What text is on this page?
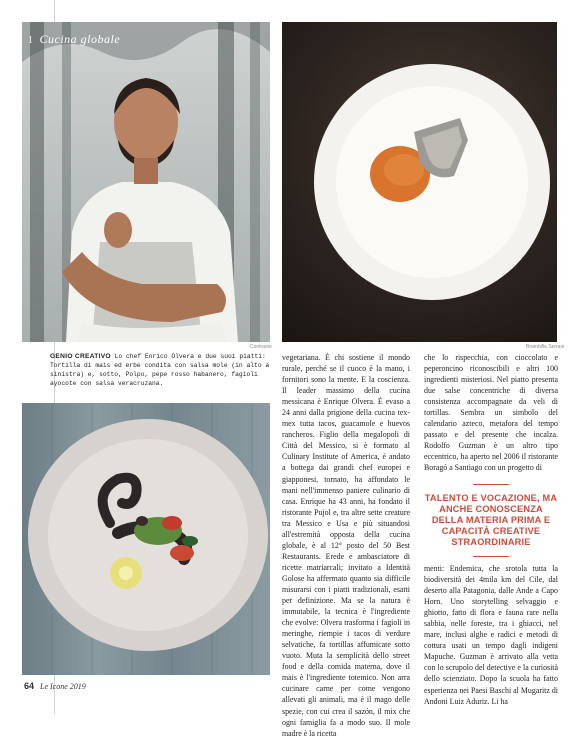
1 Cucina globale
Contrasto	Brambilla Serrani
GENIO CREATIVO Lo chef Enrico Olvera e due suoi piatti: Tortilla di mais ed erbe condita con salsa mole (in alto a sinistra) e, sotto, Polpo, pepe rosso habanero, fagioli ayocote con salsa veracruzana.
64 Le Icone 2019

vegetariana. È chi sostiene il mondo rurale, perché se il cuoco è la mano, i fornitori sono la mente. E la coscienza. Il leader massimo della cucina messicana è Enrique Olvera. È evaso a 24 anni dalla prigione della cucina tex-mex tutta tacos, guacamole e huevos rancheros. Figlio della megalopoli di Città del Messico, si è formato al Culinary Institute of America, è andato a bottega dai grandi chef europei e giapponesi, tornato, ha affondato le mani nell'immenso paniere culinario di casa. Enrique ha 43 anni, ha fondato il ristorante Pujol e, tra altre sette creature tra Messico e Usa e più situandosi all'estremità opposta della cucina globale, è al 12° posto del 50 Best Restaurants. Erede e ambasciatore di ricette matriarcali; invitato a Identità Golose ha affermato quanto sia difficile misurarsi con i piatti tradizionali, esatti per definizione. Ma se la natura è immutabile, la tecnica è l'ingrediente che evolve: Olvera trasforma i fagioli in meringhe, riempie i tacos di verdure selvatiche, fa tortillas affumicate sotto vuoto. Muta la semplicità dello street food e della comida materna, dove il mais è l'ingrediente totemico. Non arra cucinare carne per come vengono allevati gli animali, ma è il mago delle spezie, con cui crea il sazón, il mix che ogni famiglia fa a modo suo. Il mole madre è la ricetta

che lo rispecchia, con cioccolato e peperoncino riconoscibili e altri 100 ingredienti misteriosi. Nel piatto presenta due salse concentriche di diversa consistenza accompagnate da veli di tortillas. Sembra un simbolo del calendario azteco, metafora del tempo passato e del presente che incalza. Rodolfo Guzman è un altro tipo eccentrico, ha aperto nel 2006 il ristorante Boragó a Santiago con un progetto di

TALENTO E VOCAZIONE, MA ANCHE CONOSCENZA DELLA MATERIA PRIMA E CAPACITÀ CREATIVE STRAORDINARIE

menti: Endemica, che srotola tutta la biodiversità dei 4mila km del Cile, dal deserto alla Patagonia, dalle Ande a Capo Horn. Uno storytelling selvaggio e ghiotto, fatto di flora e fauna rare nella sabbia, nelle foreste, tra i ghiacci, nel mare, inclusi alghe e radici e metodi di cottura usati un tempo dagli indigeni Mapuche. Guzman è arrivato alla vetta con lo scrupolo del detective e la curiosità dello scienziato. Dopo la scuola ha fatto esperienza nei Paesi Baschi al Mugaritz di Andoni Luiz Aduriz. Li ha
